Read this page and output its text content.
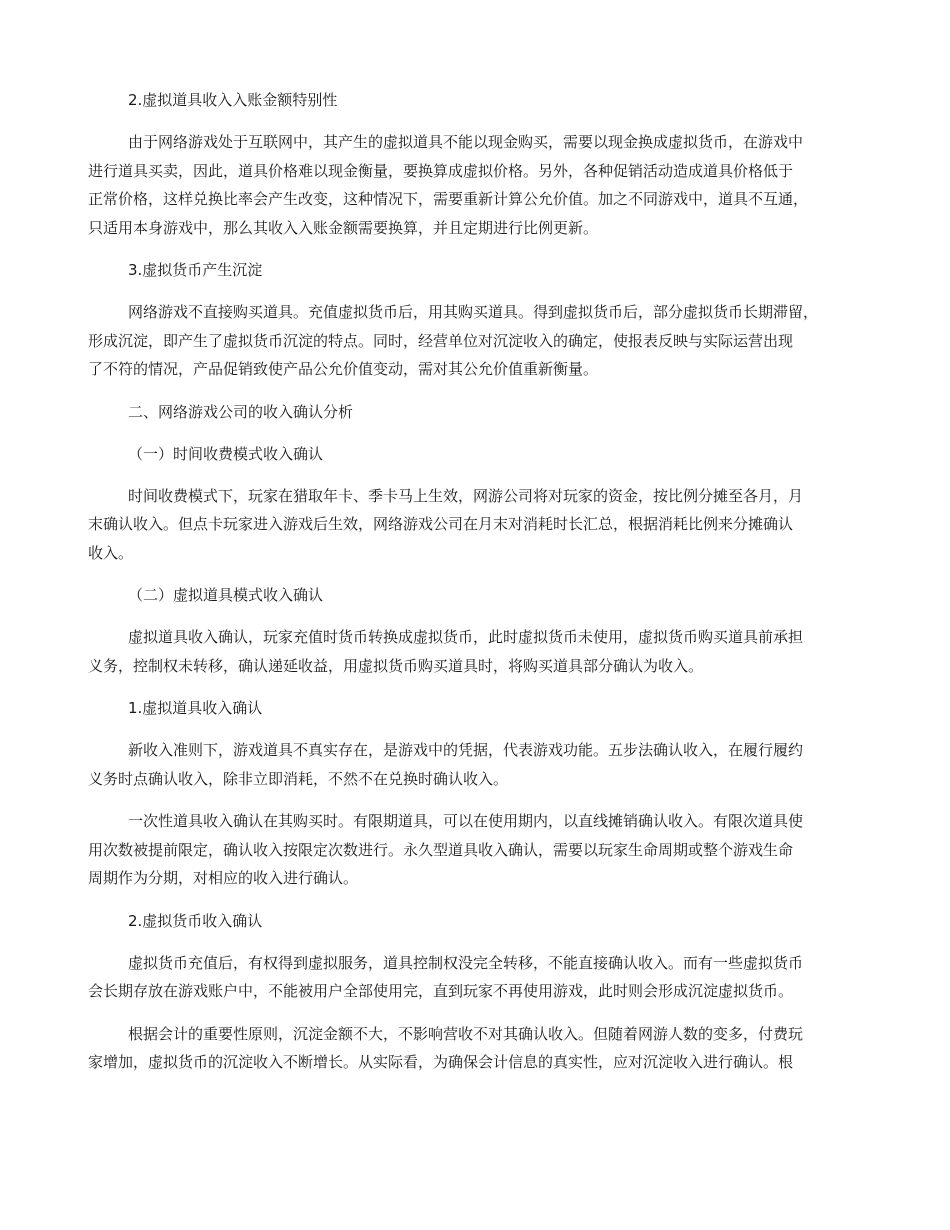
2.虚拟道具收入入账金额特别性
由于网络游戏处于互联网中，其产生的虚拟道具不能以现金购买，需要以现金换成虚拟货币，在游戏中
进行道具买卖，因此，道具价格难以现金衡量，要换算成虚拟价格。另外，各种促销活动造成道具价格低于
正常价格，这样兑换比率会产生改变，这种情况下，需要重新计算公允价值。加之不同游戏中，道具不互通，
只适用本身游戏中，那么其收入入账金额需要换算，并且定期进行比例更新。
3.虚拟货币产生沉淀
网络游戏不直接购买道具。充值虚拟货币后，用其购买道具。得到虚拟货币后，部分虚拟货币长期滞留，
形成沉淀，即产生了虚拟货币沉淀的特点。同时，经营单位对沉淀收入的确定，使报表反映与实际运营出现
了不符的情况，产品促销致使产品公允价值变动，需对其公允价值重新衡量。
二、网络游戏公司的收入确认分析
（一）时间收费模式收入确认
时间收费模式下，玩家在猎取年卡、季卡马上生效，网游公司将对玩家的资金，按比例分摊至各月，月
末确认收入。但点卡玩家进入游戏后生效，网络游戏公司在月末对消耗时长汇总，根据消耗比例来分摊确认
收入。
（二）虚拟道具模式收入确认
虚拟道具收入确认，玩家充值时货币转换成虚拟货币，此时虚拟货币未使用，虚拟货币购买道具前承担
义务，控制权未转移，确认递延收益，用虚拟货币购买道具时，将购买道具部分确认为收入。
1.虚拟道具收入确认
新收入准则下，游戏道具不真实存在，是游戏中的凭据，代表游戏功能。五步法确认收入，在履行履约
义务时点确认收入，除非立即消耗，不然不在兑换时确认收入。
一次性道具收入确认在其购买时。有限期道具，可以在使用期内，以直线摊销确认收入。有限次道具使
用次数被提前限定，确认收入按限定次数进行。永久型道具收入确认，需要以玩家生命周期或整个游戏生命
周期作为分期，对相应的收入进行确认。
2.虚拟货币收入确认
虚拟货币充值后，有权得到虚拟服务，道具控制权没完全转移，不能直接确认收入。而有一些虚拟货币
会长期存放在游戏账户中，不能被用户全部使用完，直到玩家不再使用游戏，此时则会形成沉淀虚拟货币。
根据会计的重要性原则，沉淀金额不大，不影响营收不对其确认收入。但随着网游人数的变多，付费玩
家增加，虚拟货币的沉淀收入不断增长。从实际看，为确保会计信息的真实性，应对沉淀收入进行确认。根
